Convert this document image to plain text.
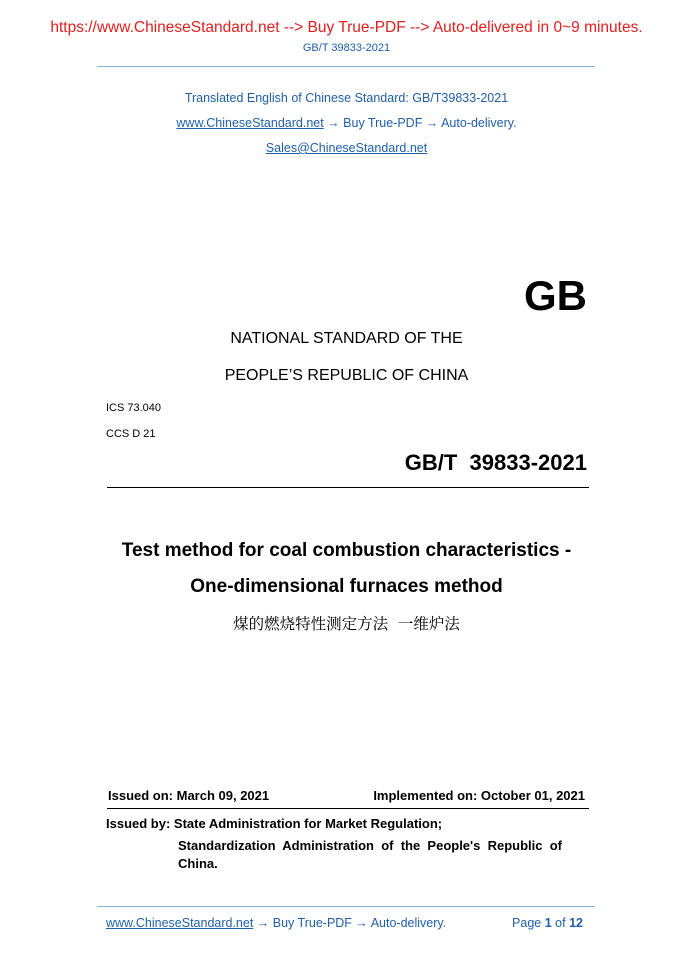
https://www.ChineseStandard.net --> Buy True-PDF --> Auto-delivered in 0~9 minutes.
GB/T 39833-2021
Translated English of Chinese Standard: GB/T39833-2021
www.ChineseStandard.net → Buy True-PDF → Auto-delivery.
Sales@ChineseStandard.net
GB
NATIONAL STANDARD OF THE
PEOPLE’S REPUBLIC OF CHINA
ICS 73.040
CCS D 21
GB/T  39833-2021
Test method for coal combustion characteristics -
One-dimensional furnaces method
煤的燃烧特性测定方法  一维炉法
Issued on: March 09, 2021	Implemented on: October 01, 2021
Issued by: State Administration for Market Regulation;
Standardization  Administration  of  the  People's  Republic  of
China.
www.ChineseStandard.net → Buy True-PDF → Auto-delivery.	Page 1 of 12
